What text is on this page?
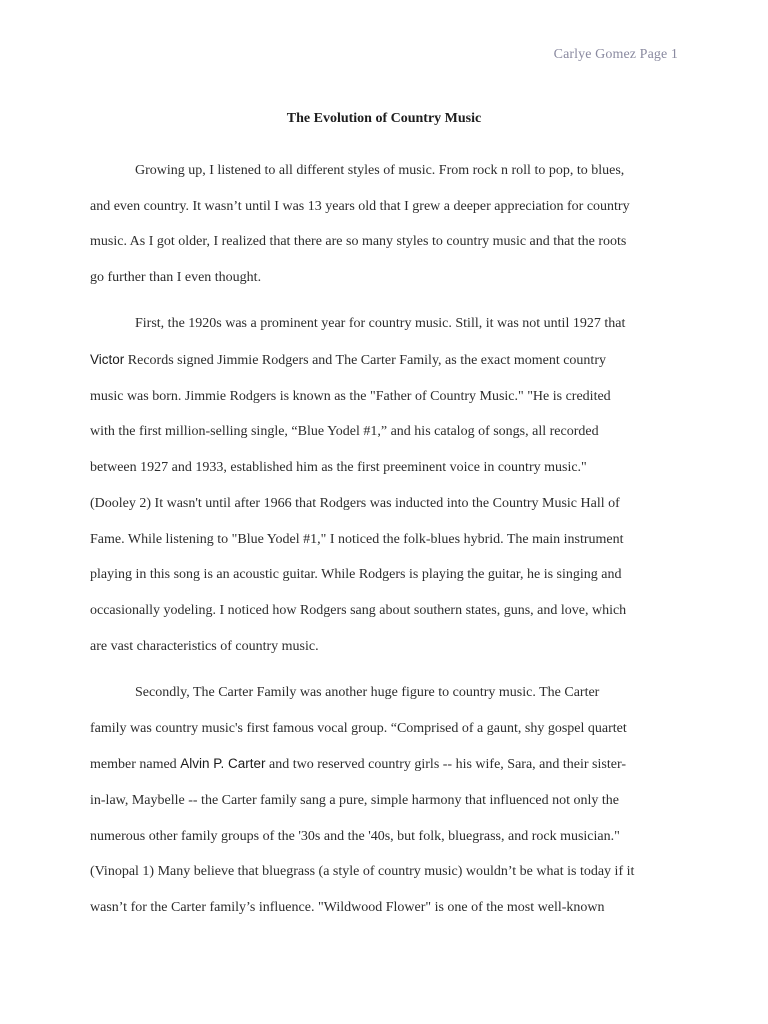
Carlye Gomez Page 1
The Evolution of Country Music

Growing up, I listened to all different styles of music. From rock n roll to pop, to blues,
and even country. It wasn’t until I was 13 years old that I grew a deeper appreciation for country
music. As I got older, I realized that there are so many styles to country music and that the roots
go further than I even thought.

First, the 1920s was a prominent year for country music. Still, it was not until 1927 that
Victor Records signed Jimmie Rodgers and The Carter Family, as the exact moment country
music was born. Jimmie Rodgers is known as the "Father of Country Music." "He is credited
with the first million-selling single, “Blue Yodel #1,” and his catalog of songs, all recorded
between 1927 and 1933, established him as the first preeminent voice in country music."
(Dooley 2) It wasn't until after 1966 that Rodgers was inducted into the Country Music Hall of
Fame. While listening to "Blue Yodel #1," I noticed the folk-blues hybrid. The main instrument
playing in this song is an acoustic guitar. While Rodgers is playing the guitar, he is singing and
occasionally yodeling. I noticed how Rodgers sang about southern states, guns, and love, which
are vast characteristics of country music.

Secondly, The Carter Family was another huge figure to country music. The Carter
family was country music's first famous vocal group. “Comprised of a gaunt, shy gospel quartet
member named Alvin P. Carter and two reserved country girls -- his wife, Sara, and their sister-
in-law, Maybelle -- the Carter family sang a pure, simple harmony that influenced not only the
numerous other family groups of the '30s and the '40s, but folk, bluegrass, and rock musician."
(Vinopal 1) Many believe that bluegrass (a style of country music) wouldn’t be what is today if it
wasn’t for the Carter family’s influence. "Wildwood Flower" is one of the most well-known
